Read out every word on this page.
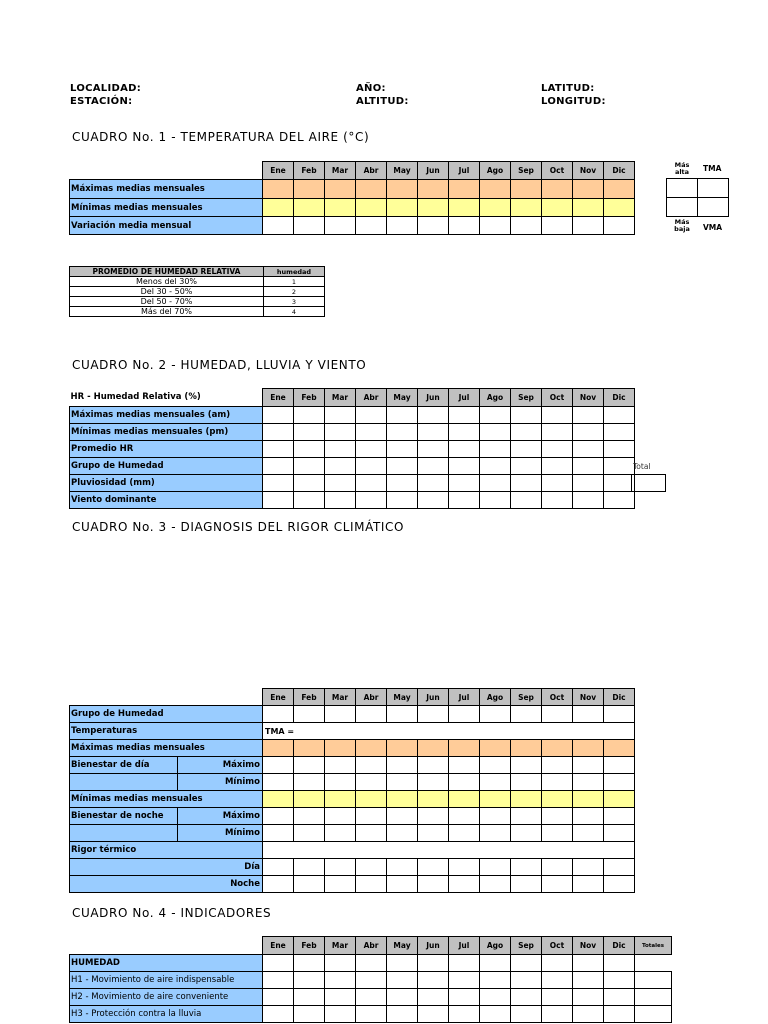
LOCALIDAD:
ESTACIÓN:
AÑO:
ALTITUD:
LATITUD:
LONGITUD:
CUADRO No. 1 - TEMPERATURA DEL AIRE (°C)
	Ene	Feb	Mar	Abr	May	Jun	Jul	Ago	Sep	Oct	Nov	Dic
Máximas medias mensuales												
Mínimas medias mensuales												
Variación media mensual												
Más alta	TMA

Más baja	VMA
PROMEDIO DE HUMEDAD RELATIVA	humedad
Menos del 30%	1
Del 30 - 50%	2
Del 50 - 70%	3
Más del 70%	4
CUADRO No. 2 - HUMEDAD, LLUVIA Y VIENTO
HR - Humedad Relativa (%)	Ene	Feb	Mar	Abr	May	Jun	Jul	Ago	Sep	Oct	Nov	Dic
Máximas medias mensuales (am)												
Mínimas medias mensuales (pm)												
Promedio HR												
Grupo de Humedad												
Pluviosidad (mm)												
Viento dominante												
Total
CUADRO No. 3 - DIAGNOSIS DEL RIGOR CLIMÁTICO
		Ene	Feb	Mar	Abr	May	Jun	Jul	Ago	Sep	Oct	Nov	Dic
Grupo de Humedad													
Temperaturas		TMA =											
Máximas medias mensuales													
Bienestar de día	Máximo												
	Mínimo												
Mínimas medias mensuales													
Bienestar de noche	Máximo												
	Mínimo												
Rigor térmico													
Día													
Noche													
CUADRO No. 4 - INDICADORES
	Ene	Feb	Mar	Abr	May	Jun	Jul	Ago	Sep	Oct	Nov	Dic	Totales
HUMEDAD													
H1 - Movimiento de aire indispensable													
H2 - Movimiento de aire conveniente													
H3 - Protección contra la lluvia													
